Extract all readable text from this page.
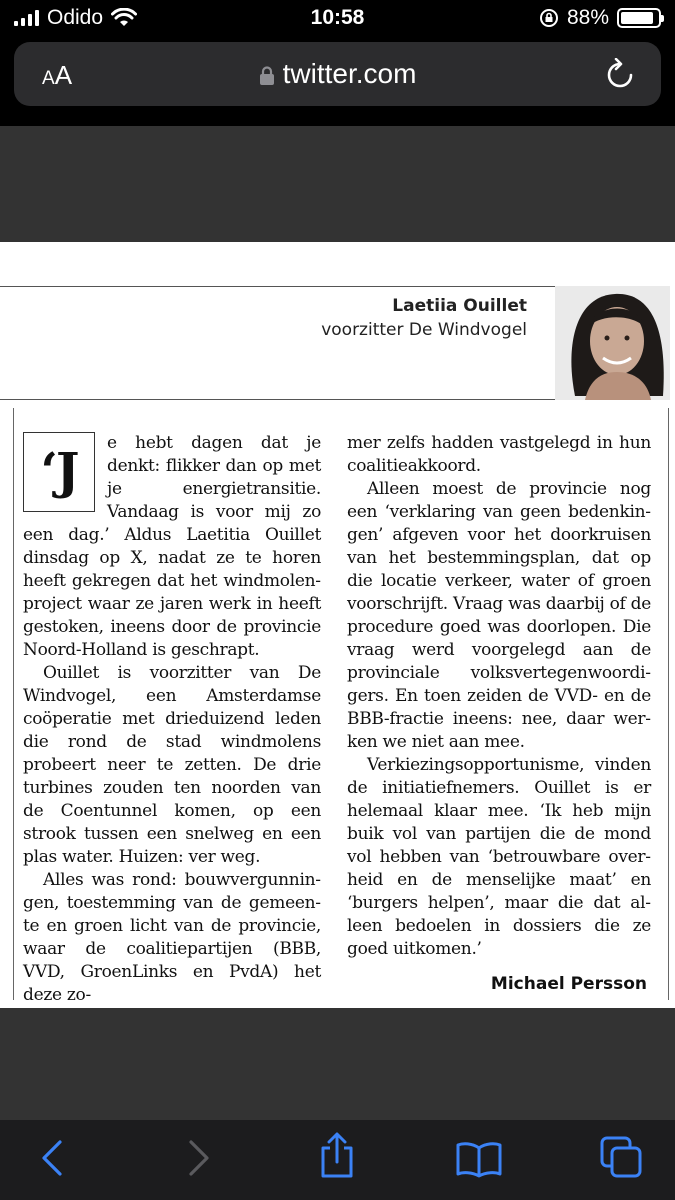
Odido	10:58	88%
AA	twitter.com
Laetiia Ouillet
voorzitter De Windvogel
‘J	e hebt dagen dat je denkt: flikker dan op met je energietransitie. Vandaag is voor mij zo een dag.’ Aldus Laetitia Ouillet dinsdag op X, nadat ze te horen heeft gekregen dat het windmolenproject waar ze jaren werk in heeft gestoken, ineens door de provincie Noord-Holland is geschrapt.

Ouillet is voorzitter van De Windvogel, een Amsterdamse coöperatie met drieduizend leden die rond de stad windmolens probeert neer te zetten. De drie turbines zouden ten noorden van de Coentunnel komen, op een strook tussen een snelweg en een plas water. Huizen: ver weg.

Alles was rond: bouwvergunningen, toestemming van de gemeente en groen licht van de provincie, waar de coalitiepartijen (BBB, VVD, GroenLinks en PvdA) het deze zo-

mer zelfs hadden vastgelegd in hun coalitieakkoord.

Alleen moest de provincie nog een ‘verklaring van geen bedenkingen’ afgeven voor het doorkruisen van het bestemmingsplan, dat op die locatie verkeer, water of groen voorschrijft. Vraag was daarbij of de procedure goed was doorlopen. Die vraag werd voorgelegd aan de provinciale volksvertegenwoordigers. En toen zeiden de VVD- en de BBB-fractie ineens: nee, daar werken we niet aan mee.

Verkiezingsopportunisme, vinden de initiatiefnemers. Ouillet is er helemaal klaar mee. ‘Ik heb mijn buik vol van partijen die de mond vol hebben van ‘betrouwbare overheid en de menselijke maat’ en ‘burgers helpen’, maar die dat alleen bedoelen in dossiers die ze goed uitkomen.’

Michael Persson
